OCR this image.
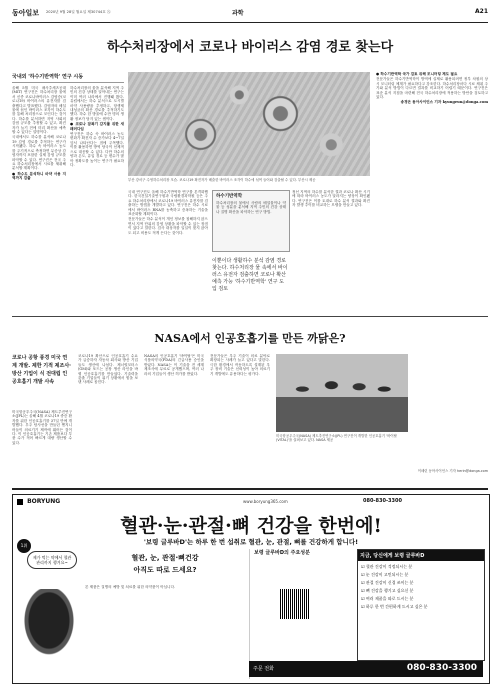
동아일보 2020년 9월 28일 월요일 제30744호 ㊇	과학	A21
하수처리장에서 코로나 바이러스 감염 경로 찾는다
국내외 '하수기반역학' 연구 시동

올해 5월 미국 매사추세츠공대(MIT) 연구진은 하수처리장 물에서 신종 코로나바이러스 감염증(코로나19) 바이러스의 유전자를 검출했다고 발표했다. 감염자의 배설물에 섞인 바이러스 조각이 하수도를 통해 처리장으로 모인다는 것이다. 하수를 분석하면 지역 사회의 감염 규모를 추정할 수 있고, 확진자가 늘기 전에 미리 확산을 예측할 수 있다는 설명이다.

국내에서도 하수를 분석해 코로나19 감염 경로를 추적하는 연구가 시작됐다. 하수 속 바이러스 농도를 주기적으로 측정하면 무증상 감염자까지 포함한 실제 감염 규모를 파악할 수 있다. 연구진은 전국 주요 하수처리장에서 시료를 채취해 분석할 계획이다.

● 하수도 분석하니 마약 사용 지역까지 검출

하수처리장의 물을 분석해 지역 주민의 건강 상태를 알아내는 연구는 이미 여러 나라에서 진행돼 왔다. 유럽에서는 하수 분석으로 도시별 마약 사용량을 추정하고, 항생제 내성균의 확산 경로를 추적하기도 했다. 하수 한 방울에 수만 명의 생활 정보가 담겨 있는 셈이다.

● 코로나 잠복기 감지를 위한 새 패러다임

연구진은 하수 속 바이러스 농도 변화가 확진자 수 증가보다 4~7일 앞서 나타난다는 점에 주목했다. 이를 활용하면 방역 당국이 선제적으로 대응할 수 있다. 다만 하수의 양과 온도, 유입 경로 등 변수가 많아 정확도를 높이는 연구가 필요하다.

부산 강서구 수영하수처리장 모습. 코로나19 확진자가 배출한 바이러스 조각이 하수에 섞여 들어와 검출될 수 있다. 부산시 제공

국내 연구진도 올해 하수기반역학 연구를 본격화했다. 한국건설기술연구원과 국립환경과학원 등은 주요 하수처리장에서 코로나19 바이러스 유전자를 검출하는 방법을 개발하고 있다. 연구진은 하수 시료에서 바이러스 RNA를 농축하고 증폭하는 기술을 표준화할 계획이다.

전문가들은 하수 분석이 개인 정보를 침해하지 않으면서 지역 단위의 감염 상황을 파악할 수 있는 장점이 있다고 말한다. 검사 대상자를 일일이 찾지 않아도 되고 비용도 적게 든다는 것이다.

하수기반역학
하수처리장의 물에서 사람의 배설물이나 약물 등 성분을 분석해 지역 주민의 건강 상태나 질병 확산을 파악하는 연구 방법.
이뿐이다 생활하수 분석 감염 경로 찾는다. 하수처리장 물 속에서 바이러스 유전자 검출하면 코로나 확산 예측 가능 '하수기반역학' 연구 도입 검토

정선 지역의 하수를 분석한 결과 코로나 확산 시기에 따라 바이러스 농도가 달라지는 양상이 확인됐다. 연구진은 이를 토대로 하수 분석 결과와 확진자 발생 추이를 비교하는 모델을 만들고 있다.

● 하수기반역학 국가 검토 위해 모니터링 제도 필요

전문가들은 하수기반역학이 방역에 실제로 활용되려면 정부 차원의 상시 모니터링 체계가 필요하다고 강조한다. 하수처리장마다 시료 채취 주기와 분석 방법이 다르면 결과를 비교하기 어렵기 때문이다. 연구진은 표준 분석 지침을 마련해 전국 하수처리장에 적용하는 방안을 검토하고 있다.

송경은 동아사이언스 기자 kyungeun@donga.com

NASA에서 인공호흡기를 만든 까닭은?
코로나 공항 풍경 미국 연계 개발. 제한 기적 제조사·방산 기업이 식 전대립 인공호흡기 개발 사속

미국항공우주국(NASA) 제트추진연구소(JPL)는 올해 4월 코로나19 중증 환자를 위한 인공호흡기를 37일 만에 개발했다. 우주 탐사선을 만들던 엔지니어들이 의료기기 제작에 뛰어든 것이다. 이 인공호흡기는 기존 제품보다 부품 수가 적어 빠르게 대량 생산할 수 있다.

코로나19 확산으로 인공호흡기 수요가 급증하자 자동차 회사와 방산 기업들도 생산에 나섰다. 제너럴모터스(GM)와 포드는 공장 생산 라인을 바꿔 인공호흡기를 만들었다. 기술력을 갖춘 기업들이 위기 상황에서 힘을 보탠 사례로 꼽힌다.

NASA의 인공호흡기 '바이탈'은 미국 식품의약국(FDA)의 긴급사용 승인을 받았다. NASA는 이 기술을 전 세계 제조사에 무료로 공개했으며, 여러 나라의 기업들이 생산 허가를 받았다.

전문가들은 우주 기술이 의료 분야로 확장되는 사례가 늘고 있다고 말한다. 극한 환경에서 작동하도록 설계된 우주 장비 기술은 신뢰성이 높아 의료기기 개발에도 유용하다는 평가다.

미국항공우주국(NASA) 제트추진연구소(JPL) 연구진이 개발한 인공호흡기 '바이탈(VITAL)'을 살펴보고 있다. NASA 제공
이헤린 동아사이언스 기자 herin@donga.com
BORYUNG	www.boryung365.com	080-830-3300
혈관·눈·관절·뼈 건강을 한번에!
'보령 글루바D'는 하루 한 번 섭취로 혈관, 눈, 관절, 뼈를 건강하게 합니다!
제가 먹는 약에서 혈관 관리까지 챙겨요~
혈관, 눈, 관절·뼈건강
아직도 따로 드세요?
본 제품은 질병의 예방 및 치료를 위한 의약품이 아닙니다.
보령 글루바D의 주요성분	지금, 당신에게 보령 글루바D
☑ 혈관 건강이 걱정되시는 분
☑ 눈 건강이 고민되시는 분
☑ 관절 건강이 신경 쓰이는 분
☑ 뼈 건강을 챙기고 싶으신 분
☑ 여러 제품을 따로 드시는 분
☑ 하루 한 번 간편하게 드시고 싶은 분
주문 전화	080-830-3300
1위
